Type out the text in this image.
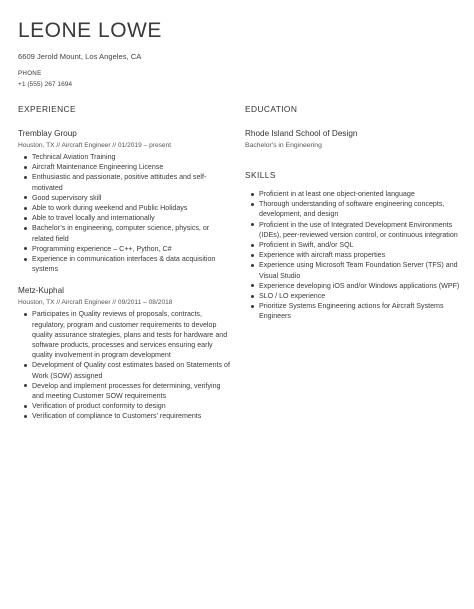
LEONE LOWE
6609 Jerold Mount, Los Angeles, CA
PHONE
+1 (555) 267 1694
EXPERIENCE
Tremblay Group
Houston, TX // Aircraft Engineer // 01/2019 – present
Technical Aviation Training
Aircraft Maintenance Engineering License
Enthusiastic and passionate, positive attitudes and self-motivated
Good supervisory skill
Able to work during weekend and Public Holidays
Able to travel locally and internationally
Bachelor’s in engineering, computer science, physics, or related field
Programming experience – C++, Python, C#
Experience in communication interfaces & data acquisition systems
Metz-Kuphal
Houston, TX // Aircraft Engineer // 09/2011 – 08/2018
Participates in Quality reviews of proposals, contracts, regulatory, program and customer requirements to develop quality assurance strategies, plans and tests for hardware and software products, processes and services ensuring early quality involvement in program development
Development of Quality cost estimates based on Statements of Work (SOW) assigned
Develop and implement processes for determining, verifying and meeting Customer SOW requirements
Verification of product conformity to design
Verification of compliance to Customers' requirements
EDUCATION
Rhode Island School of Design
Bachelor's in Engineering
SKILLS
Proficient in at least one object-oriented language
Thorough understanding of software engineering concepts, development, and design
Proficient in the use of Integrated Development Environments (IDEs), peer-reviewed version control, or continuous integration
Proficient in Swift, and/or SQL
Experience with aircraft mass properties
Experience using Microsoft Team Foundation Server (TFS) and Visual Studio
Experience developing iOS and/or Windows applications (WPF)
SLO / LO experience
Prioritize Systems Engineering actions for Aircraft Systems Engineers
